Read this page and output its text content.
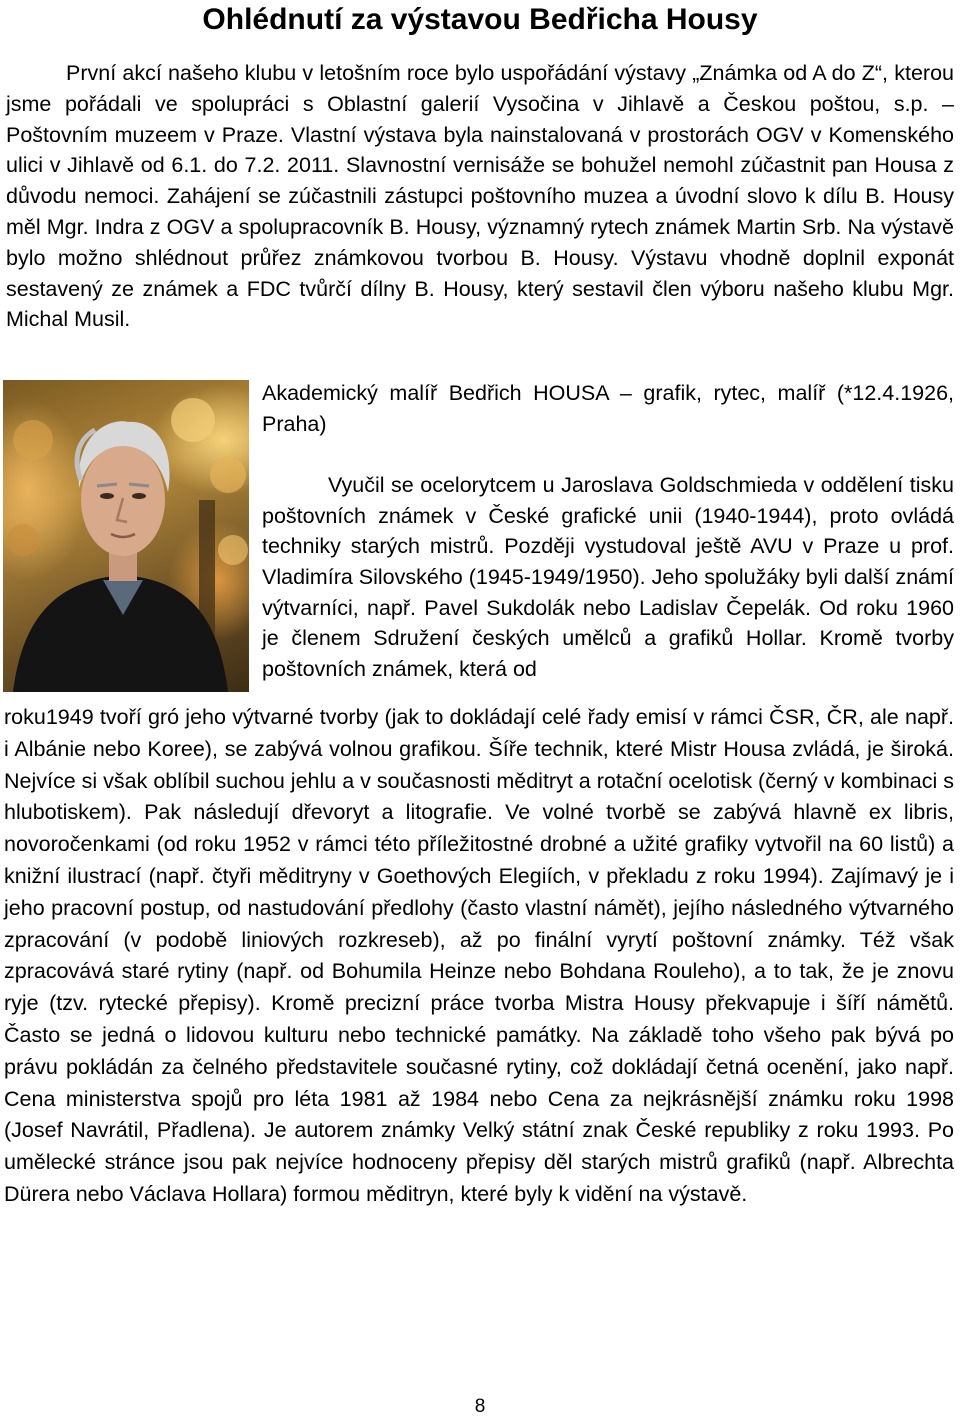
Ohlédnutí za výstavou Bedřicha Housy

První akcí našeho klubu v letošním roce bylo uspořádání výstavy „Známka od A do Z“, kterou jsme pořádali ve spolupráci s Oblastní galerií Vysočina v Jihlavě a Českou poštou, s.p. – Poštovním muzeem v Praze. Vlastní výstava byla nainstalovaná v prostorách OGV v Komenského ulici v Jihlavě od 6.1. do 7.2. 2011. Slavnostní vernisáže se bohužel nemohl zúčastnit pan Housa z důvodu nemoci. Zahájení se zúčastnili zástupci poštovního muzea a úvodní slovo k dílu B. Housy měl Mgr. Indra z OGV a spolupracovník B. Housy, významný rytech známek Martin Srb. Na výstavě bylo možno shlédnout průřez známkovou tvorbou B. Housy. Výstavu vhodně doplnil exponát sestavený ze známek a FDC tvůrčí dílny B. Housy, který sestavil člen výboru našeho klubu Mgr. Michal Musil.

Akademický malíř Bedřich HOUSA – grafik, rytec, malíř (*12.4.1926, Praha)

Vyučil se ocelorytcem u Jaroslava Goldschmieda v oddělení tisku poštovních známek v České grafické unii (1940-1944), proto ovládá techniky starých mistrů. Později vystudoval ještě AVU v Praze u prof. Vladimíra Silovského (1945-1949/1950). Jeho spolužáky byli další známí výtvarníci, např. Pavel Sukdolák nebo Ladislav Čepelák. Od roku 1960 je členem Sdružení českých umělců a grafiků Hollar. Kromě tvorby poštovních známek, která od

roku1949 tvoří gró jeho výtvarné tvorby (jak to dokládají celé řady emisí v rámci ČSR, ČR, ale např. i Albánie nebo Koree), se zabývá volnou grafikou. Šíře technik, které Mistr Housa zvládá, je široká. Nejvíce si však oblíbil suchou jehlu a v současnosti měditryt a rotační ocelotisk (černý v kombinaci s hlubotiskem). Pak následují dřevoryt a litografie. Ve volné tvorbě se zabývá hlavně ex libris, novoročenkami (od roku 1952 v rámci této příležitostné drobné a užité grafiky vytvořil na 60 listů) a knižní ilustrací (např. čtyři měditryny v Goethových Elegiích, v překladu z roku 1994). Zajímavý je i jeho pracovní postup, od nastudování předlohy (často vlastní námět), jejího následného výtvarného zpracování (v podobě liniových rozkreseb), až po finální vyrytí poštovní známky. Též však zpracovává staré rytiny (např. od Bohumila Heinze nebo Bohdana Rouleho), a to tak, že je znovu ryje (tzv. rytecké přepisy). Kromě precizní práce tvorba Mistra Housy překvapuje i šíří námětů. Často se jedná o lidovou kulturu nebo technické památky. Na základě toho všeho pak bývá po právu pokládán za čelného představitele současné rytiny, což dokládají četná ocenění, jako např. Cena ministerstva spojů pro léta 1981 až 1984 nebo Cena za nejkrásnější známku roku 1998 (Josef Navrátil, Přadlena). Je autorem známky Velký státní znak České republiky z roku 1993. Po umělecké stránce jsou pak nejvíce hodnoceny přepisy děl starých mistrů grafiků (např. Albrechta Dürera nebo Václava Hollara) formou měditryn, které byly k vidění na výstavě.

8
